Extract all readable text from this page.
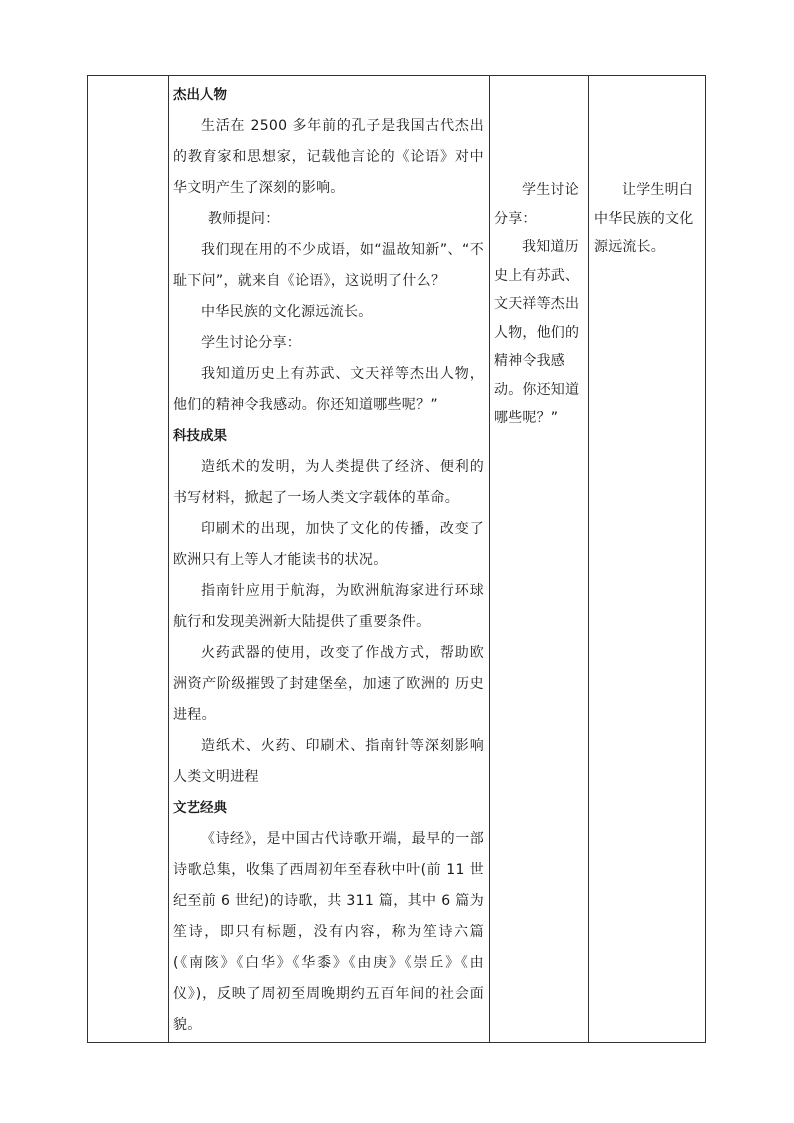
杰出人物

生活在 2500 多年前的孔子是我国古代杰出的教育家和思想家，记载他言论的《论语》对中华文明产生了深刻的影响。

教师提问：

我们现在用的不少成语，如“温故知新”、“不耻下问”，就来自《论语》，这说明了什么？

中华民族的文化源远流长。

学生讨论分享：

我知道历史上有苏武、文天祥等杰出人物，他们的精神令我感动。你还知道哪些呢？”

科技成果

造纸术的发明，为人类提供了经济、便利的书写材料，掀起了一场人类文字载体的革命。

印刷术的出现，加快了文化的传播，改变了欧洲只有上等人才能读书的状况。

指南针应用于航海，为欧洲航海家进行环球航行和发现美洲新大陆提供了重要条件。

火药武器的使用，改变了作战方式，帮助欧洲资产阶级摧毁了封建堡垒，加速了欧洲的 历史进程。

造纸术、火药、印刷术、指南针等深刻影响人类文明进程

文艺经典

《诗经》，是中国古代诗歌开端，最早的一部诗歌总集，收集了西周初年至春秋中叶(前 11 世纪至前 6 世纪)的诗歌，共 311 篇，其中 6 篇为笙诗，即只有标题，没有内容，称为笙诗六篇(《南陔》《白华》《华黍》《由庚》《崇丘》《由仪》)，反映了周初至周晚期约五百年间的社会面貌。

学生讨论分享：

我知道历史上有苏武、文天祥等杰出人物，他们的精神令我感动。你还知道哪些呢？”

让学生明白中华民族的文化源远流长。
